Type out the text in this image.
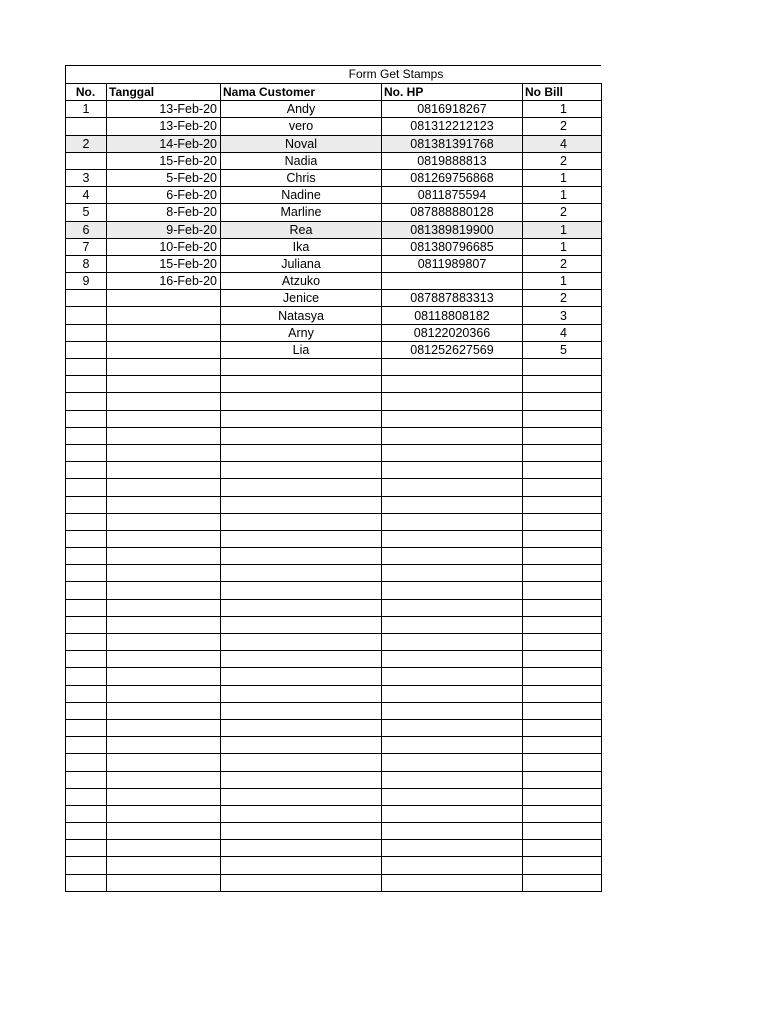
Form Get Stamps
No.	Tanggal	Nama Customer	No. HP	No Bill
1	13-Feb-20	Andy	0816918267	1
	13-Feb-20	vero	081312212123	2
2	14-Feb-20	Noval	081381391768	4
	15-Feb-20	Nadia	0819888813	2
3	5-Feb-20	Chris	081269756868	1
4	6-Feb-20	Nadine	0811875594	1
5	8-Feb-20	Marline	087888880128	2
6	9-Feb-20	Rea	081389819900	1
7	10-Feb-20	Ika	081380796685	1
8	15-Feb-20	Juliana	0811989807	2
9	16-Feb-20	Atzuko		1
		Jenice	087887883313	2
		Natasya	08118808182	3
		Arny	08122020366	4
		Lia	081252627569	5
